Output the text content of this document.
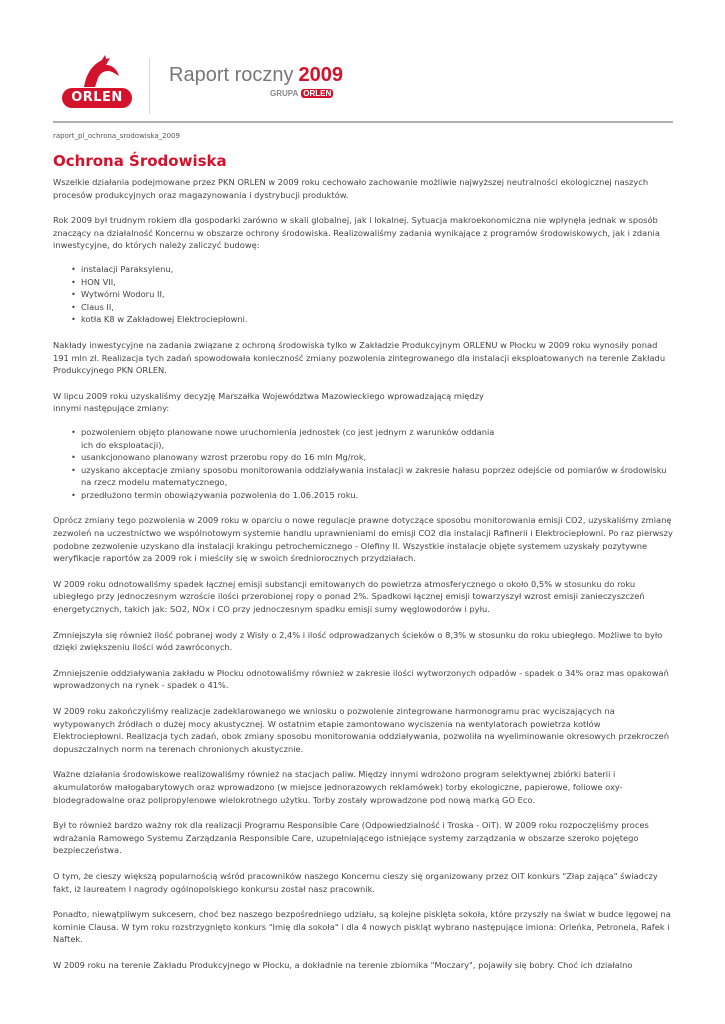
ORLEN
Raport roczny 2009
GRUPA ORLEN
raport_pl_ochrona_srodowiska_2009
Ochrona Środowiska

Wszelkie działania podejmowane przez PKN ORLEN w 2009 roku cechowało zachowanie możliwie najwyższej neutralności ekologicznej naszych procesów produkcyjnych oraz magazynowania i dystrybucji produktów.

Rok 2009 był trudnym rokiem dla gospodarki zarówno w skali globalnej, jak i lokalnej. Sytuacja makroekonomiczna nie wpłynęła jednak w sposób znaczący na działalność Koncernu w obszarze ochrony środowiska. Realizowaliśmy zadania wynikające z programów środowiskowych, jak i zdania inwestycyjne, do których należy zaliczyć budowę:

• instalacji Paraksylenu,
• HON VII,
• Wytwórni Wodoru II,
• Claus II,
• kotła K8 w Zakładowej Elektrociepłowni.

Nakłady inwestycyjne na zadania związane z ochroną środowiska tylko w Zakładzie Produkcyjnym ORLENU w Płocku w 2009 roku wynosiły ponad 191 mln zł. Realizacja tych zadań spowodowała konieczność zmiany pozwolenia zintegrowanego dla instalacji eksploatowanych na terenie Zakładu Produkcyjnego PKN ORLEN.

W lipcu 2009 roku uzyskaliśmy decyzję Marszałka Województwa Mazowieckiego wprowadzającą między
innymi następujące zmiany:

• pozwoleniem objęto planowane nowe uruchomienia jednostek (co jest jednym z warunków oddania
ich do eksploatacji),
• usankcjonowano planowany wzrost przerobu ropy do 16 mln Mg/rok,
• uzyskano akceptacje zmiany sposobu monitorowania oddziaływania instalacji w zakresie hałasu poprzez odejście od pomiarów w środowisku
na rzecz modelu matematycznego,
• przedłużono termin obowiązywania pozwolenia do 1.06.2015 roku.

Oprócz zmiany tego pozwolenia w 2009 roku w oparciu o nowe regulacje prawne dotyczące sposobu monitorowania emisji CO2, uzyskaliśmy zmianę zezwoleń na uczestnictwo we wspólnotowym systemie handlu uprawnieniami do emisji CO2 dla instalacji Rafinerii i Elektrociepłowni. Po raz pierwszy podobne zezwolenie uzyskano dla instalacji krakingu petrochemicznego - Olefiny II. Wszystkie instalacje objęte systemem uzyskały pozytywne weryfikacje raportów za 2009 rok i mieściły się w swoich średniorocznych przydziałach.

W 2009 roku odnotowaliśmy spadek łącznej emisji substancji emitowanych do powietrza atmosferycznego o około 0,5% w stosunku do roku ubiegłego przy jednoczesnym wzroście ilości przerobionej ropy o ponad 2%. Spadkowi łącznej emisji towarzyszył wzrost emisji zanieczyszczeń energetycznych, takich jak: SO2, NOx i CO przy jednoczesnym spadku emisji sumy węglowodorów i pyłu.

Zmniejszyła się również ilość pobranej wody z Wisły o 2,4% i ilość odprowadzanych ścieków o 8,3% w stosunku do roku ubiegłego. Możliwe to było dzięki zwiększeniu ilości wód zawróconych.

Zmniejszenie oddziaływania zakładu w Płocku odnotowaliśmy również w zakresie ilości wytworzonych odpadów - spadek o 34% oraz mas opakowań wprowadzonych na rynek - spadek o 41%.

W 2009 roku zakończyliśmy realizacje zadeklarowanego we wniosku o pozwolenie zintegrowane harmonogramu prac wyciszających na wytypowanych źródłach o dużej mocy akustycznej. W ostatnim etapie zamontowano wyciszenia na wentylatorach powietrza kotłów Elektrociepłowni. Realizacja tych zadań, obok zmiany sposobu monitorowania oddziaływania, pozwoliła na wyeliminowanie okresowych przekroczeń dopuszczalnych norm na terenach chronionych akustycznie.

Ważne działania środowiskowe realizowaliśmy również na stacjach paliw. Między innymi wdrożono program selektywnej zbiórki baterii i akumulatorów małogabarytowych oraz wprowadzono (w miejsce jednorazowych reklamówek) torby ekologiczne, papierowe, foliowe oxy-biodegradowalne oraz polipropylenowe wielokrotnego użytku. Torby zostały wprowadzone pod nową marką GO Eco.

Był to również bardzo ważny rok dla realizacji Programu Responsible Care (Odpowiedzialność i Troska - OiT). W 2009 roku rozpoczęliśmy proces wdrażania Ramowego Systemu Zarządzania Responsible Care, uzupełniającego istniejące systemy zarządzania w obszarze szeroko pojętego bezpieczeństwa.

O tym, że cieszy większą popularnością wśród pracowników naszego Koncernu cieszy się organizowany przez OiT konkurs "Złap zająca" świadczy fakt, iż laureatem I nagrody ogólnopolskiego konkursu został nasz pracownik.

Ponadto, niewątpliwym sukcesem, choć bez naszego bezpośredniego udziału, są kolejne pisklęta sokoła, które przyszły na świat w budce lęgowej na kominie Clausa. W tym roku rozstrzygnięto konkurs "Imię dla sokoła" i dla 4 nowych piskląt wybrano następujące imiona: Orleńka, Petronela, Rafek i Naftek.

W 2009 roku na terenie Zakładu Produkcyjnego w Płocku, a dokładnie na terenie zbiornika "Moczary", pojawiły się bobry. Choć ich działalno
